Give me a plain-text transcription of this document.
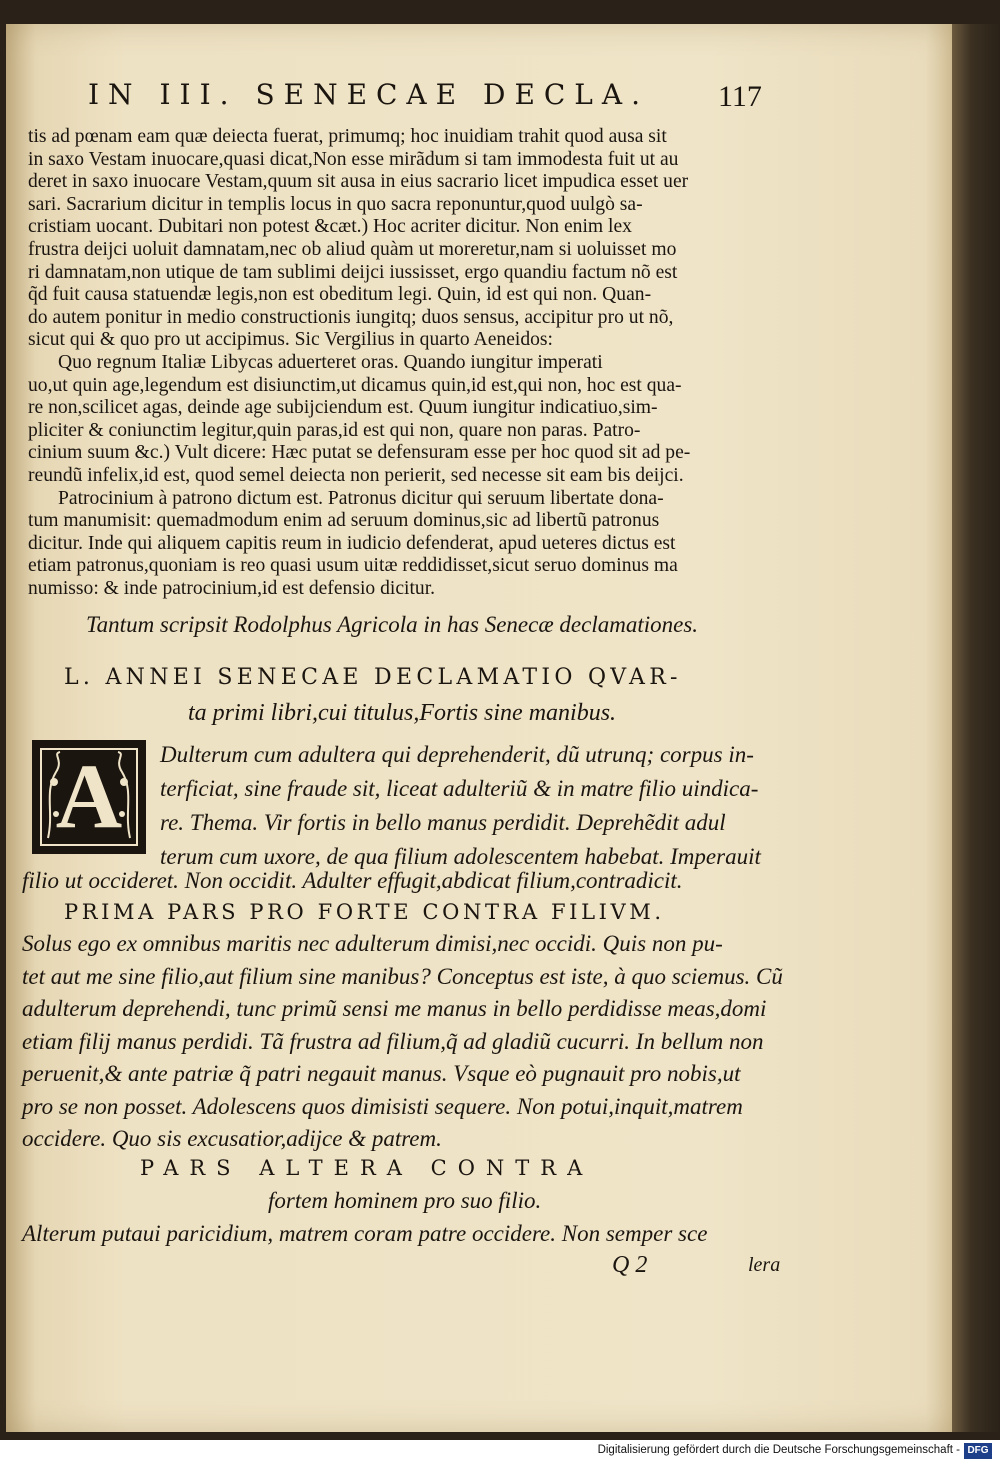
IN III. SENECAE DECLA.	117
tis ad pœnam eam quæ deiecta fuerat, primumq; hoc inuidiam trahit quod ausa sit
in saxo Vestam inuocare,quasi dicat,Non esse mirãdum si tam immodesta fuit ut au
deret in saxo inuocare Vestam,quum sit ausa in eius sacrario licet impudica esset uer
sari. Sacrarium dicitur in templis locus in quo sacra reponuntur,quod uulgò sa-
cristiam uocant. Dubitari non potest &cæt.) Hoc acriter dicitur. Non enim lex
frustra deijci uoluit damnatam,nec ob aliud quàm ut moreretur,nam si uoluisset mo
ri damnatam,non utique de tam sublimi deijci iussisset, ergo quandiu factum nõ est
q̃d fuit causa statuendæ legis,non est obeditum legi. Quin, id est qui non. Quan-
do autem ponitur in medio constructionis iungitq; duos sensus, accipitur pro ut nõ,
sicut qui & quo pro ut accipimus. Sic Vergilius in quarto Aeneidos:
Quo regnum Italiæ Libycas aduerteret oras. Quando iungitur imperati
uo,ut quin age,legendum est disiunctim,ut dicamus quin,id est,qui non, hoc est qua-
re non,scilicet agas, deinde age subijciendum est. Quum iungitur indicatiuo,sim-
pliciter & coniunctim legitur,quin paras,id est qui non, quare non paras. Patro-
cinium suum &c.) Vult dicere: Hæc putat se defensuram esse per hoc quod sit ad pe-
reundũ infelix,id est, quod semel deiecta non perierit, sed necesse sit eam bis deijci.
Patrocinium à patrono dictum est. Patronus dicitur qui seruum libertate dona-
tum manumisit: quemadmodum enim ad seruum dominus,sic ad libertũ patronus
dicitur. Inde qui aliquem capitis reum in iudicio defenderat, apud ueteres dictus est
etiam patronus,quoniam is reo quasi usum uitæ reddidisset,sicut seruo dominus ma
numisso: & inde patrocinium,id est defensio dicitur.
Tantum scripsit Rodolphus Agricola in has Senecæ declamationes.
L. ANNEI SENECAE DECLAMATIO QVAR-
ta primi libri,cui titulus,Fortis sine manibus.
A	Dulterum cum adultera qui deprehenderit, dũ utrunq; corpus in-
terficiat, sine fraude sit, liceat adulteriũ & in matre filio uindica-
re. Thema. Vir fortis in bello manus perdidit. Deprehẽdit adul
terum cum uxore, de qua filium adolescentem habebat. Imperauit
filio ut occideret. Non occidit. Adulter effugit,abdicat filium,contradicit.
PRIMA PARS PRO FORTE CONTRA FILIVM.
Solus ego ex omnibus maritis nec adulterum dimisi,nec occidi. Quis non pu-
tet aut me sine filio,aut filium sine manibus? Conceptus est iste, à quo sciemus. Cũ
adulterum deprehendi, tunc primũ sensi me manus in bello perdidisse meas,domi
etiam filij manus perdidi. Tã frustra ad filium,q̃ ad gladiũ cucurri. In bellum non
peruenit,& ante patriæ q̃ patri negauit manus. Vsque eò pugnauit pro nobis,ut
pro se non posset. Adolescens quos dimisisti sequere. Non potui,inquit,matrem
occidere. Quo sis excusatior,adijce & patrem.
PARS ALTERA CONTRA
fortem hominem pro suo filio.
Alterum putaui paricidium, matrem coram patre occidere. Non semper sce
Q 2	lera
Digitalisierung gefördert durch die Deutsche Forschungsgemeinschaft - DFG
